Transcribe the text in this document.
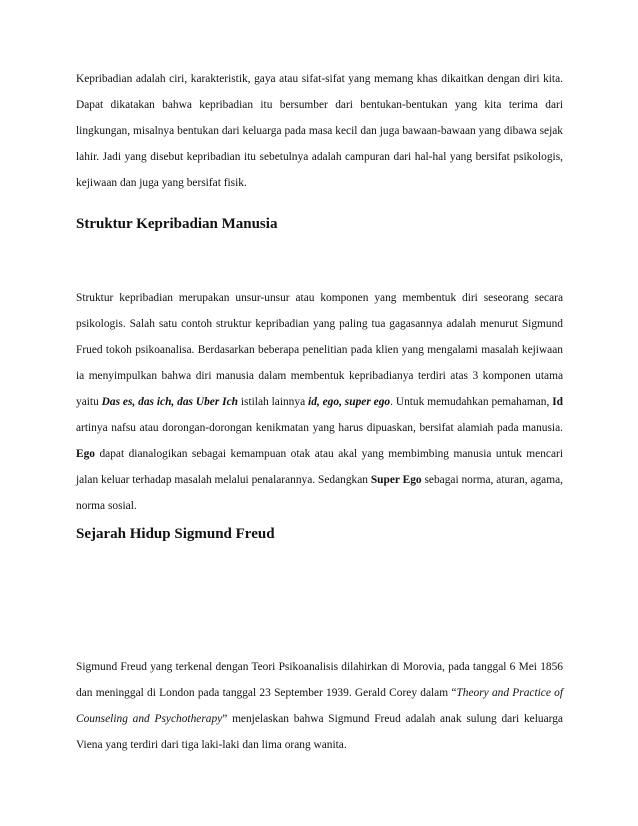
Kepribadian adalah ciri, karakteristik, gaya atau sifat-sifat yang memang khas dikaitkan dengan diri kita. Dapat dikatakan bahwa kepribadian itu bersumber dari bentukan-bentukan yang kita terima dari lingkungan, misalnya bentukan dari keluarga pada masa kecil dan juga bawaan-bawaan yang dibawa sejak lahir. Jadi yang disebut kepribadian itu sebetulnya adalah campuran dari hal-hal yang bersifat psikologis, kejiwaan dan juga yang bersifat fisik.

Struktur Kepribadian Manusia

Struktur kepribadian merupakan unsur-unsur atau komponen yang membentuk diri seseorang secara psikologis. Salah satu contoh struktur kepribadian yang paling tua gagasannya adalah menurut Sigmund Frued tokoh psikoanalisa. Berdasarkan beberapa penelitian pada klien yang mengalami masalah kejiwaan ia menyimpulkan bahwa diri manusia dalam membentuk kepribadianya terdiri atas 3 komponen utama yaitu Das es, das ich, das Uber Ich istilah lainnya id, ego, super ego. Untuk memudahkan pemahaman, Id artinya nafsu atau dorongan-dorongan kenikmatan yang harus dipuaskan, bersifat alamiah pada manusia. Ego dapat dianalogikan sebagai kemampuan otak atau akal yang membimbing manusia untuk mencari jalan keluar terhadap masalah melalui penalarannya. Sedangkan Super Ego sebagai norma, aturan, agama, norma sosial.

Sejarah Hidup Sigmund Freud

Sigmund Freud yang terkenal dengan Teori Psikoanalisis dilahirkan di Morovia, pada tanggal 6 Mei 1856 dan meninggal di London pada tanggal 23 September 1939. Gerald Corey dalam “Theory and Practice of Counseling and Psychotherapy” menjelaskan bahwa Sigmund Freud adalah anak sulung dari keluarga Viena yang terdiri dari tiga laki-laki dan lima orang wanita.
